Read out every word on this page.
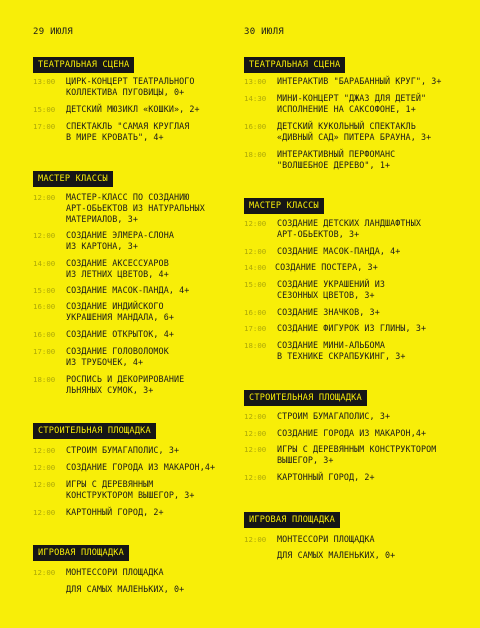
29 ИЮЛЯ
ТЕАТРАЛЬНАЯ СЦЕНА

13:00

ЦИРК-КОНЦЕРТ ТЕАТРАЛЬНОГО
КОЛЛЕКТИВА ПУГОВИЦЫ, 0+

15:00

ДЕТСКИЙ МЮЗИКЛ «КОШКИ», 2+

17:00

СПЕКТАКЛЬ "САМАЯ КРУГЛАЯ
В МИРЕ КРОВАТЬ", 4+

МАСТЕР КЛАССЫ

12:00

МАСТЕР-КЛАСС ПО СОЗДАНИЮ
АРТ-ОБЬЕКТОВ ИЗ НАТУРАЛЬНЫХ
МАТЕРИАЛОВ, 3+

12:00

СОЗДАНИЕ ЭЛМЕРА-СЛОНА
ИЗ КАРТОНА, 3+

14:00

СОЗДАНИЕ АКСЕССУАРОВ
ИЗ ЛЕТНИХ ЦВЕТОВ, 4+

15:00

СОЗДАНИЕ МАСОК-ПАНДА, 4+

16:00

СОЗДАНИЕ ИНДИЙСКОГО
УКРАШЕНИЯ МАНДАЛА, 6+

16:00

СОЗДАНИЕ ОТКРЫТОК, 4+

17:00

СОЗДАНИЕ ГОЛОВОЛОМОК
ИЗ ТРУБОЧЕК, 4+

18:00

РОСПИСЬ И ДЕКОРИРОВАНИЕ
ЛЬНЯНЫХ СУМОК, 3+

СТРОИТЕЛЬНАЯ ПЛОЩАДКА

12:00

СТРОИМ БУМАГАПОЛИС, 3+

12:00

СОЗДАНИЕ ГОРОДА ИЗ МАКАРОН,4+

12:00

ИГРЫ С ДЕРЕВЯННЫМ
КОНСТРУКТОРОМ ВЫШЕГОР, 3+

12:00

КАРТОННЫЙ ГОРОД, 2+

ИГРОВАЯ ПЛОЩАДКА

12:00

МОНТЕССОРИ ПЛОЩАДКА

ДЛЯ САМЫХ МАЛЕНЬКИХ, 0+

30 ИЮЛЯ
ТЕАТРАЛЬНАЯ СЦЕНА

13:00

ИНТЕРАКТИВ "БАРАБАННЫЙ КРУГ", 3+

14:30

МИНИ-КОНЦЕРТ "ДЖАЗ ДЛЯ ДЕТЕЙ"
ИСПОЛНЕНИЕ НА САКСОФОНЕ, 1+

16:00

ДЕТСКИЙ КУКОЛЬНЫЙ СПЕКТАКЛЬ
«ДИВНЫЙ САД» ПИТЕРА БРАУНА, 3+

18:00

ИНТЕРАКТИВНЫЙ ПЕРФОМАНС
"ВОЛШЕБНОЕ ДЕРЕВО", 1+

МАСТЕР КЛАССЫ

12:00

СОЗДАНИЕ ДЕТСКИХ ЛАНДШАФТНЫХ
АРТ-ОБЬЕКТОВ, 3+

12:00

СОЗДАНИЕ МАСОК-ПАНДА, 4+

14:00

СОЗДАНИЕ ПОСТЕРА, 3+

15:00

СОЗДАНИЕ УКРАШЕНИЙ ИЗ
СЕЗОННЫХ ЦВЕТОВ, 3+

16:00

СОЗДАНИЕ ЗНАЧКОВ, 3+

17:00

СОЗДАНИЕ ФИГУРОК ИЗ ГЛИНЫ, 3+

18:00

СОЗДАНИЕ МИНИ-АЛЬБОМА
В ТЕХНИКЕ СКРАПБУКИНГ, 3+

СТРОИТЕЛЬНАЯ ПЛОЩАДКА

12:00

СТРОИМ БУМАГАПОЛИС, 3+

12:00

СОЗДАНИЕ ГОРОДА ИЗ МАКАРОН,4+

12:00

ИГРЫ С ДЕРЕВЯННЫМ КОНСТРУКТОРОМ
ВЫШЕГОР, 3+

12:00

КАРТОННЫЙ ГОРОД, 2+

ИГРОВАЯ ПЛОЩАДКА

12:00

МОНТЕССОРИ ПЛОЩАДКА

ДЛЯ САМЫХ МАЛЕНЬКИХ, 0+
